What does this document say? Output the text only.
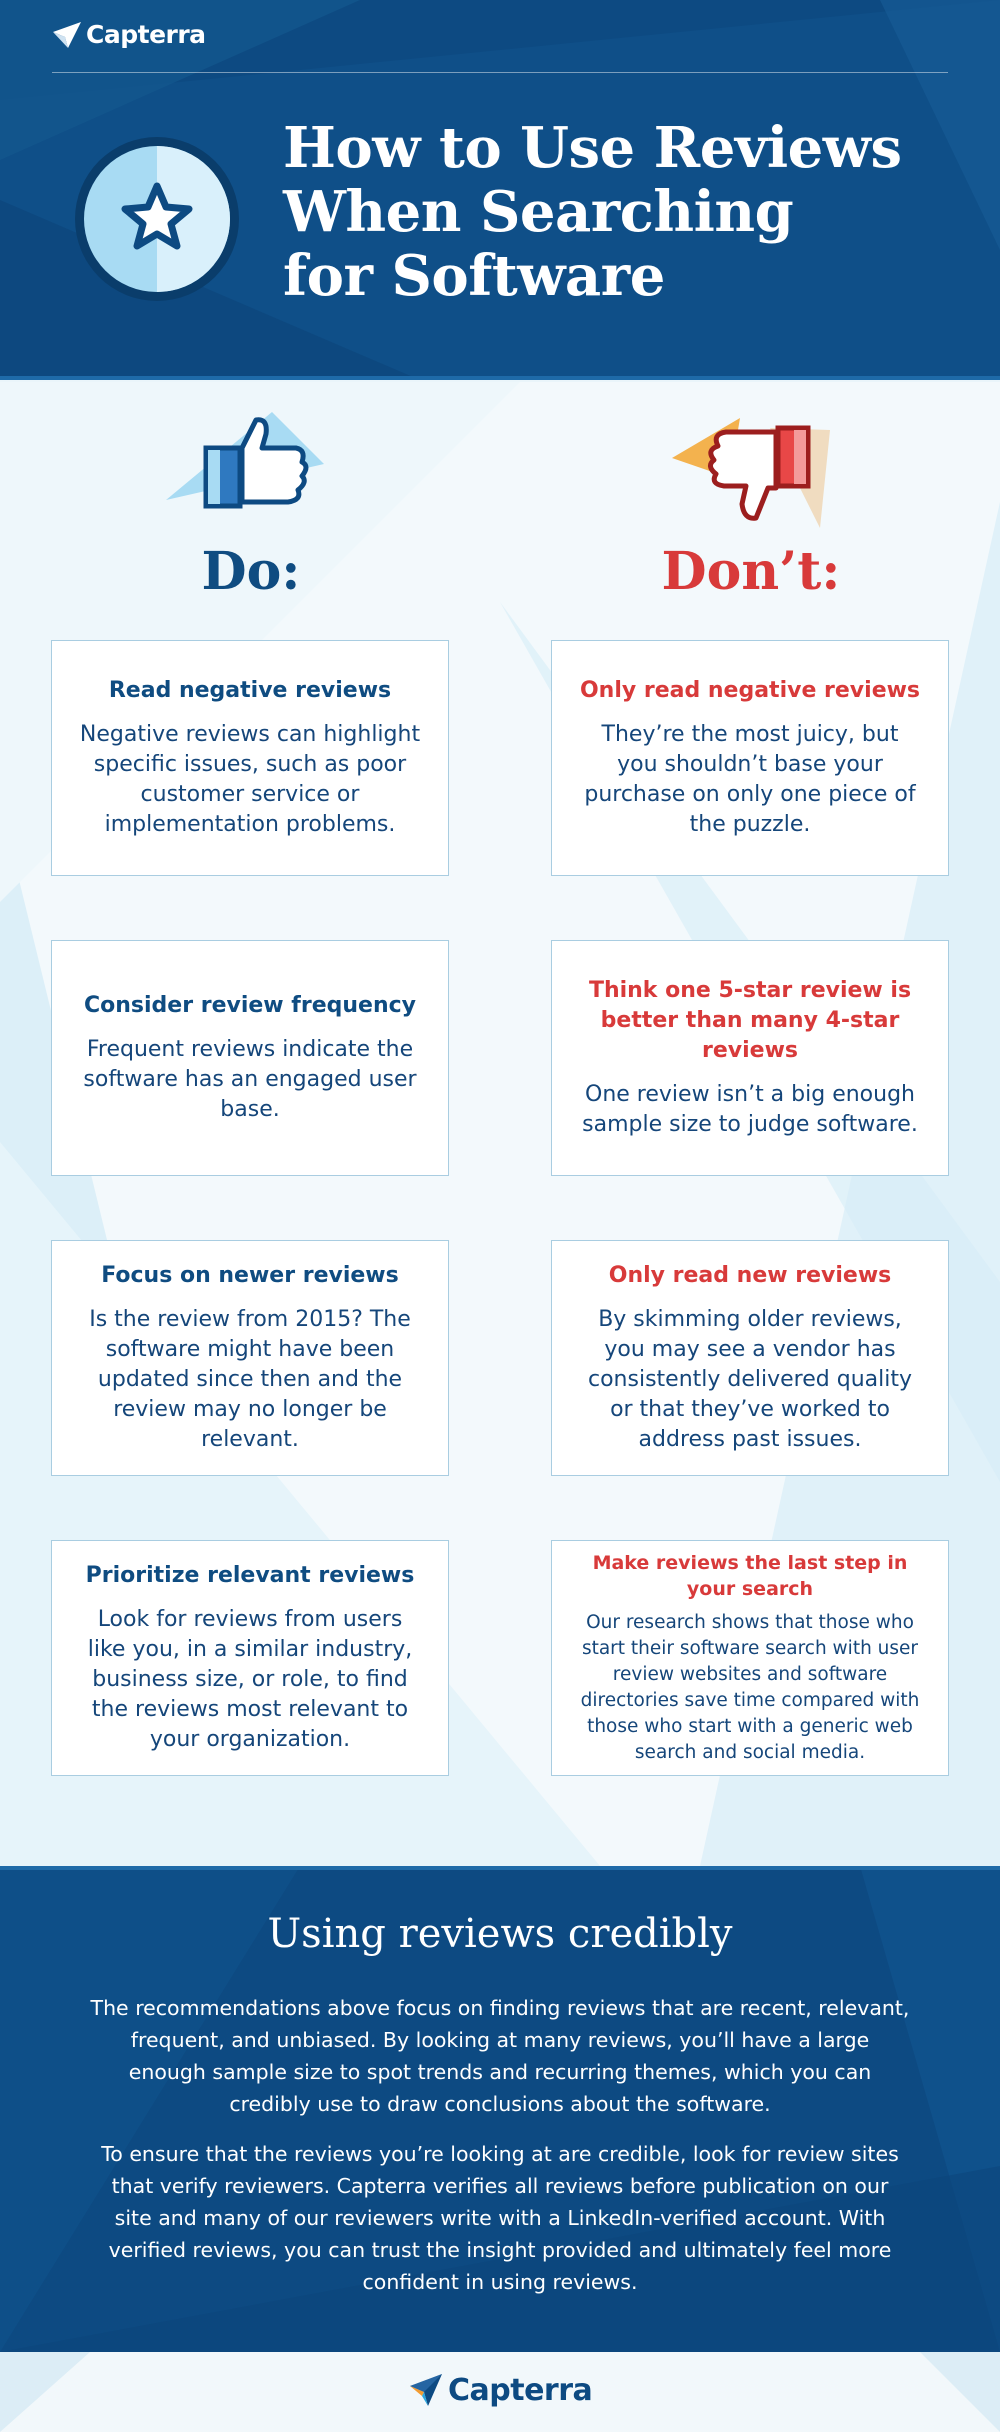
Capterra
How to Use Reviews
When Searching
for Software
Do:	Don’t:

Read negative reviews

Negative reviews can highlight specific issues, such as poor customer service or implementation problems.

Only read negative reviews

They’re the most juicy, but you shouldn’t base your purchase on only one piece of the puzzle.

Consider review frequency

Frequent reviews indicate the software has an engaged user base.

Think one 5-star review is better than many 4-star reviews

One review isn’t a big enough sample size to judge software.

Focus on newer reviews

Is the review from 2015? The software might have been updated since then and the review may no longer be relevant.

Only read new reviews

By skimming older reviews, you may see a vendor has consistently delivered quality or that they’ve worked to address past issues.

Prioritize relevant reviews

Look for reviews from users like you, in a similar industry, business size, or role, to find the reviews most relevant to your organization.

Make reviews the last step in your search

Our research shows that those who start their software search with user review websites and software directories save time compared with those who start with a generic web search and social media.

Using reviews credibly

The recommendations above focus on finding reviews that are recent, relevant, frequent, and unbiased. By looking at many reviews, you’ll have a large enough sample size to spot trends and recurring themes, which you can credibly use to draw conclusions about the software.

To ensure that the reviews you’re looking at are credible, look for review sites that verify reviewers. Capterra verifies all reviews before publication on our site and many of our reviewers write with a LinkedIn-verified account. With verified reviews, you can trust the insight provided and ultimately feel more confident in using reviews.

Capterra
